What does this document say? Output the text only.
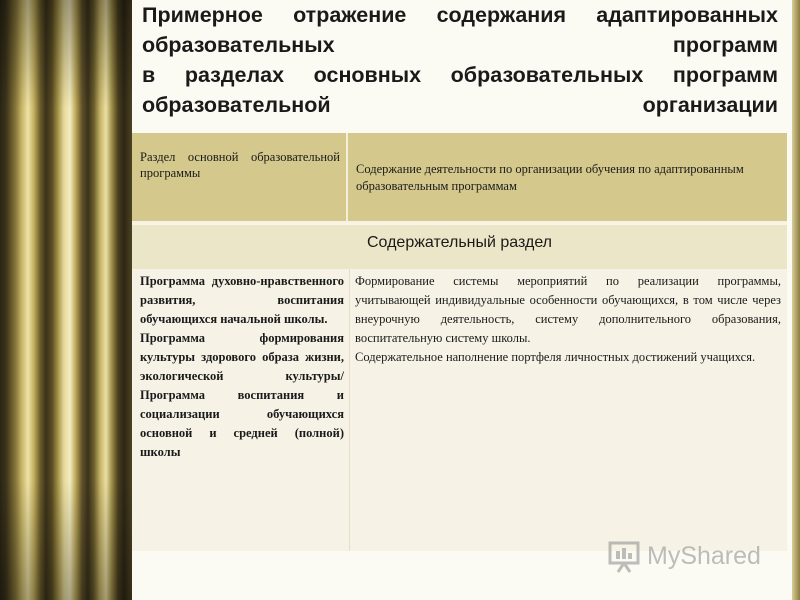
Примерное отражение содержания адаптированных
образовательных программ
в разделах основных образовательных программ
образовательной организации
Раздел основной образовательной программы	Содержание деятельности по организации обучения по адаптированным образовательным программам
Содержательный раздел
Программа духовно-нравственного развития, воспитания обучающихся начальной школы.
Программа формирования культуры здорового образа жизни, экологической культуры/ Программа воспитания и социализации обучающихся основной и средней (полной) школы
Формирование системы мероприятий по реализации программы, учитывающей индивидуальные особенности обучающихся, в том числе через внеурочную деятельность, систему дополнительного образования, воспитательную систему школы.
Содержательное наполнение портфеля личностных достижений учащихся.
MyShared
